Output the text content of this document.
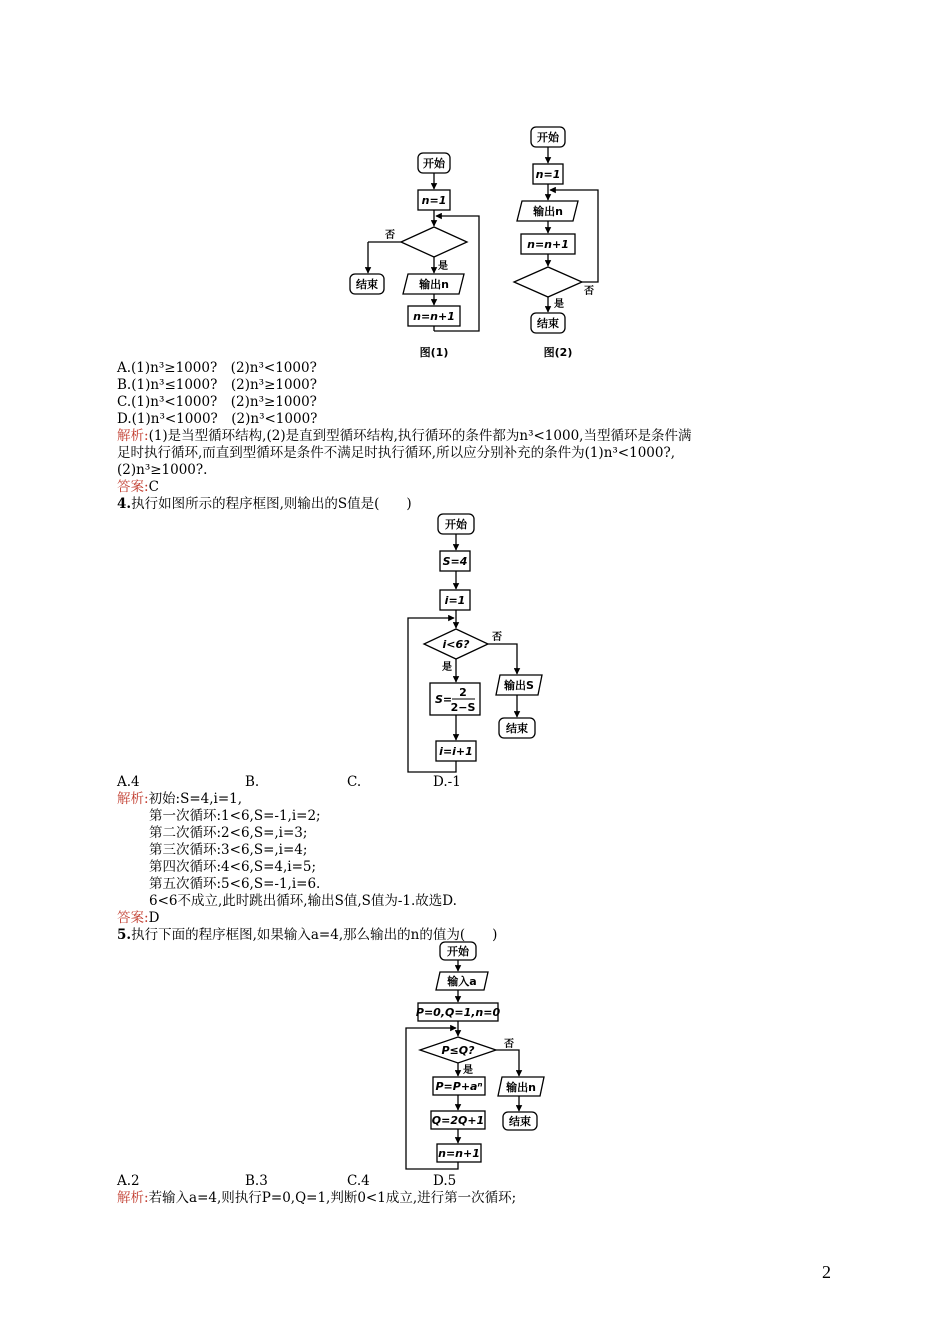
开始
n=1
否
是
结束	输出n
n=n+1
图(1)
开始
n=1
输出n
n=n+1
是
否
结束
图(2)
A.(1)n³≥1000?　(2)n³<1000?
B.(1)n³≤1000?　(2)n³≥1000?
C.(1)n³<1000?　(2)n³≥1000?
D.(1)n³<1000?　(2)n³<1000?
解析:(1)是当型循环结构,(2)是直到型循环结构,执行循环的条件都为n³<1000,当型循环是条件满
足时执行循环,而直到型循环是条件不满足时执行循环,所以应分别补充的条件为(1)n³<1000?,
(2)n³≥1000?.
答案:C
4.执行如图所示的程序框图,则输出的S值是(　　)
开始
S=4
i=1
i<6?
否
是
输出S
结束
S=
2
2−S
i=i+1
A.4	B.	C.	D.-1
解析:初始:S=4,i=1,
第一次循环:1<6,S=-1,i=2;
第二次循环:2<6,S=,i=3;
第三次循环:3<6,S=,i=4;
第四次循环:4<6,S=4,i=5;
第五次循环:5<6,S=-1,i=6.
6<6不成立,此时跳出循环,输出S值,S值为-1.故选D.
答案:D
5.执行下面的程序框图,如果输入a=4,那么输出的n的值为(　　)
开始
输入a
P=0,Q=1,n=0
P≤Q?	否
是
P=P+aⁿ 输出n
Q=2Q+1 结束
n=n+1
A.2	B.3	C.4	D.5
解析:若输入a=4,则执行P=0,Q=1,判断0<1成立,进行第一次循环;
2
